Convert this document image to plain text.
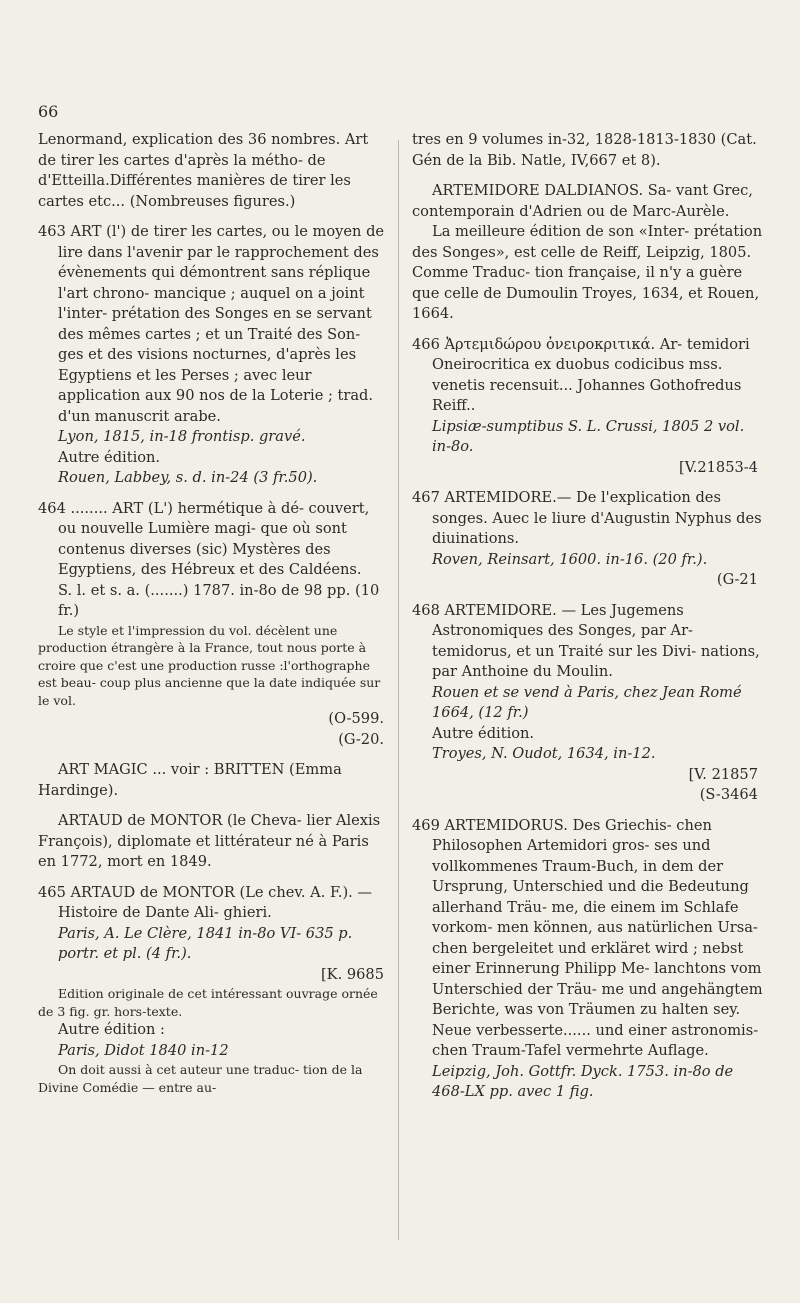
66

Lenormand, explication des 36 nombres. Art de tirer les cartes d'après la métho- de d'Etteilla.Différentes manières de tirer les cartes etc... (Nombreuses figures.)

463 ART (l') de tirer les cartes, ou le moyen de lire dans l'avenir par le rapprochement des évènements qui démontrent sans réplique l'art chrono- mancique ; auquel on a joint l'inter- prétation des Songes en se servant des mêmes cartes ; et un Traité des Son- ges et des visions nocturnes, d'après les Egyptiens et les Perses ; avec leur application aux 90 nos de la Loterie ; trad. d'un manuscrit arabe.

Lyon, 1815, in-18 frontisp. gravé.

Autre édition.

Rouen, Labbey, s. d. in-24 (3 fr.50).

464 ........ ART (L') hermétique à dé- couvert, ou nouvelle Lumière magi- que où sont contenus diverses (sic) Mystères des Egyptiens, des Hébreux et des Caldéens.

S. l. et s. a. (.......) 1787. in-8o de 98 pp. (10 fr.)

Le style et l'impression du vol. décèlent une production étrangère à la France, tout nous porte à croire que c'est une production russe :l'orthographe est beau- coup plus ancienne que la date indiquée sur le vol.

(O-599.

(G-20.

ART MAGIC ... voir : BRITTEN (Emma Hardinge).

ARTAUD de MONTOR (le Cheva- lier Alexis François), diplomate et littérateur né à Paris en 1772, mort en 1849.

465 ARTAUD de MONTOR (Le chev. A. F.). — Histoire de Dante Ali- ghieri.

Paris, A. Le Clère, 1841 in-8o VI- 635 p. portr. et pl. (4 fr.).

[K. 9685

Edition originale de cet intéressant ouvrage ornée de 3 fig. gr. hors-texte.

Autre édition :

Paris, Didot 1840 in-12

On doit aussi à cet auteur une traduc- tion de la Divine Comédie — entre au-

tres en 9 volumes in-32, 1828-1813-1830 (Cat. Gén de la Bib. Natle, IV,667 et 8).

ARTEMIDORE DALDIANOS. Sa- vant Grec, contemporain d'Adrien ou de Marc-Aurèle.

La meilleure édition de son «Inter- prétation des Songes», est celle de Reiff, Leipzig, 1805. Comme Traduc- tion française, il n'y a guère que celle de Dumoulin Troyes, 1634, et Rouen, 1664.

466 Ἀρτεμιδώρου ὀνειροκριτικά. Ar- temidori Oneirocritica ex duobus codicibus mss. venetis recensuit... Johannes Gothofredus Reiff..

Lipsiæ-sumptibus S. L. Crussi, 1805 2 vol. in-8o.

[V.21853-4

467 ARTEMIDORE.— De l'explication des songes. Auec le liure d'Augustin Nyphus des diuinations.

Roven, Reinsart, 1600. in-16. (20 fr.).

(G-21

468 ARTEMIDORE. — Les Jugemens Astronomiques des Songes, par Ar- temidorus, et un Traité sur les Divi- nations, par Anthoine du Moulin.

Rouen et se vend à Paris, chez Jean Romé 1664, (12 fr.)

Autre édition.

Troyes, N. Oudot, 1634, in-12.

[V. 21857

(S-3464

469 ARTEMIDORUS. Des Griechis- chen Philosophen Artemidori gros- ses und vollkommenes Traum-Buch, in dem der Ursprung, Unterschied und die Bedeutung allerhand Träu- me, die einem im Schlafe vorkom- men können, aus natürlichen Ursa- chen bergeleitet und erkläret wird ; nebst einer Erinnerung Philipp Me- lanchtons vom Unterschied der Träu- me und angehängtem Berichte, was von Träumen zu halten sey. Neue verbesserte...... und einer astronomis- chen Traum-Tafel vermehrte Auflage.

Leipzig, Joh. Gottfr. Dyck. 1753. in-8o de 468-LX pp. avec 1 fig.
